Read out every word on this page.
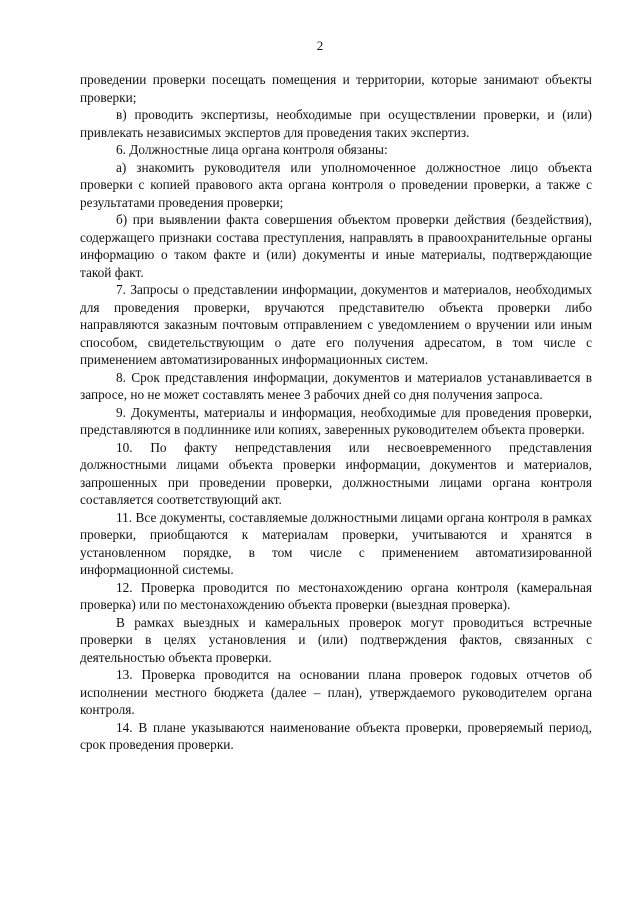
2

проведении проверки посещать помещения и территории, которые занимают объекты проверки;

в) проводить экспертизы, необходимые при осуществлении проверки, и (или) привлекать независимых экспертов для проведения таких экспертиз.

6. Должностные лица органа контроля обязаны:

а) знакомить руководителя или уполномоченное должностное лицо объекта проверки с копией правового акта органа контроля о проведении проверки, а также с результатами проведения проверки;

б) при выявлении факта совершения объектом проверки действия (бездействия), содержащего признаки состава преступления, направлять в правоохранительные органы информацию о таком факте и (или) документы и иные материалы, подтверждающие такой факт.

7. Запросы о представлении информации, документов и материалов, необходимых для проведения проверки, вручаются представителю объекта проверки либо направляются заказным почтовым отправлением с уведомлением о вручении или иным способом, свидетельствующим о дате его получения адресатом, в том числе с применением автоматизированных информационных систем.

8. Срок представления информации, документов и материалов устанавливается в запросе, но не может составлять менее 3 рабочих дней со дня получения запроса.

9. Документы, материалы и информация, необходимые для проведения проверки, представляются в подлиннике или копиях, заверенных руководителем объекта проверки.

10. По факту непредставления или несвоевременного представления должностными лицами объекта проверки информации, документов и материалов, запрошенных при проведении проверки, должностными лицами органа контроля составляется соответствующий акт.

11. Все документы, составляемые должностными лицами органа контроля в рамках проверки, приобщаются к материалам проверки, учитываются и хранятся в установленном порядке, в том числе с применением автоматизированной информационной системы.

12. Проверка проводится по местонахождению органа контроля (камеральная проверка) или по местонахождению объекта проверки (выездная проверка).

В рамках выездных и камеральных проверок могут проводиться встречные проверки в целях установления и (или) подтверждения фактов, связанных с деятельностью объекта проверки.

13. Проверка проводится на основании плана проверок годовых отчетов об исполнении местного бюджета (далее – план), утверждаемого руководителем органа контроля.

14. В плане указываются наименование объекта проверки, проверяемый период, срок проведения проверки.
